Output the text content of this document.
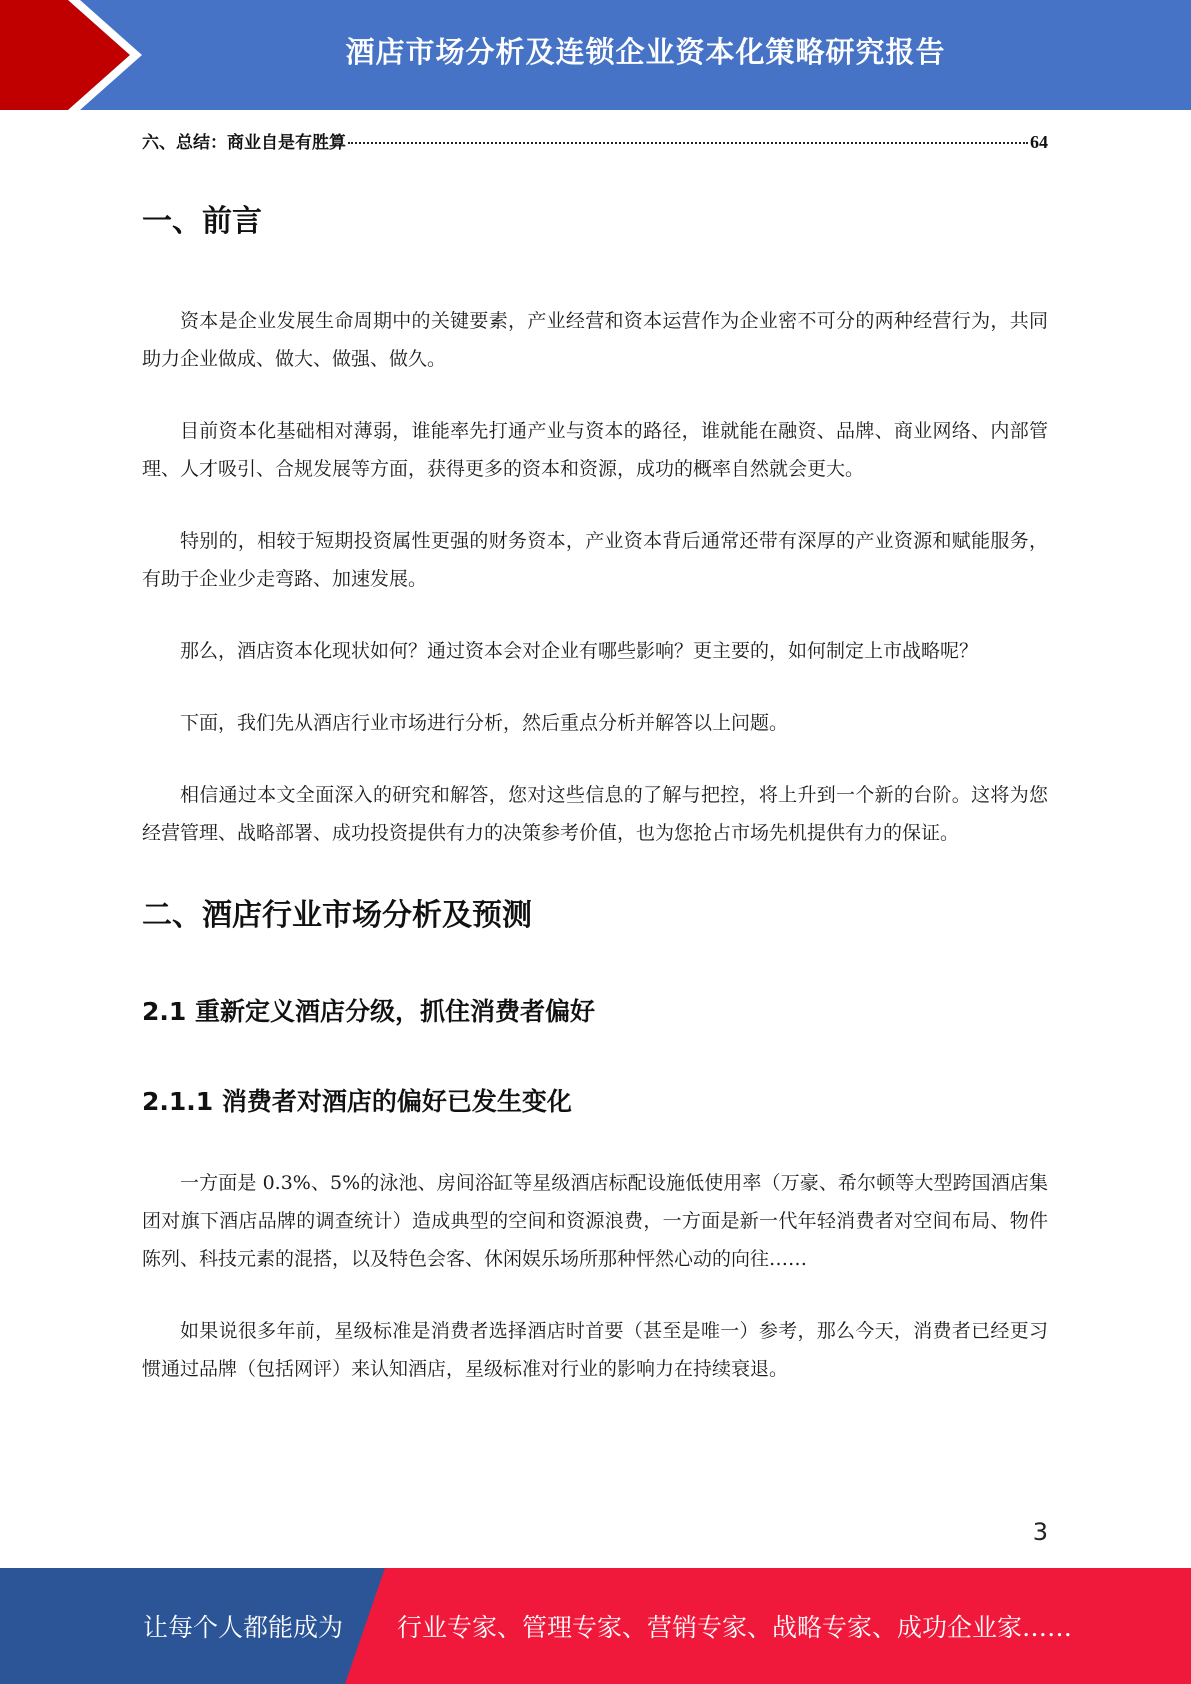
酒店市场分析及连锁企业资本化策略研究报告
六、总结：商业自是有胜算	64
一、前言

资本是企业发展生命周期中的关键要素，产业经营和资本运营作为企业密不可分的两种经营行为，共同助力企业做成、做大、做强、做久。

目前资本化基础相对薄弱，谁能率先打通产业与资本的路径，谁就能在融资、品牌、商业网络、内部管理、人才吸引、合规发展等方面，获得更多的资本和资源，成功的概率自然就会更大。

特别的，相较于短期投资属性更强的财务资本，产业资本背后通常还带有深厚的产业资源和赋能服务，有助于企业少走弯路、加速发展。

那么，酒店资本化现状如何？通过资本会对企业有哪些影响？更主要的，如何制定上市战略呢？

下面，我们先从酒店行业市场进行分析，然后重点分析并解答以上问题。

相信通过本文全面深入的研究和解答，您对这些信息的了解与把控，将上升到一个新的台阶。这将为您经营管理、战略部署、成功投资提供有力的决策参考价值，也为您抢占市场先机提供有力的保证。

二、酒店行业市场分析及预测
2.1 重新定义酒店分级，抓住消费者偏好
2.1.1 消费者对酒店的偏好已发生变化

一方面是 0.3%、5%的泳池、房间浴缸等星级酒店标配设施低使用率（万豪、希尔顿等大型跨国酒店集团对旗下酒店品牌的调查统计）造成典型的空间和资源浪费，一方面是新一代年轻消费者对空间布局、物件陈列、科技元素的混搭，以及特色会客、休闲娱乐场所那种怦然心动的向往……

如果说很多年前，星级标准是消费者选择酒店时首要（甚至是唯一）参考，那么今天，消费者已经更习惯通过品牌（包括网评）来认知酒店，星级标准对行业的影响力在持续衰退。

3
让每个人都能成为 行业专家、管理专家、营销专家、战略专家、成功企业家……
